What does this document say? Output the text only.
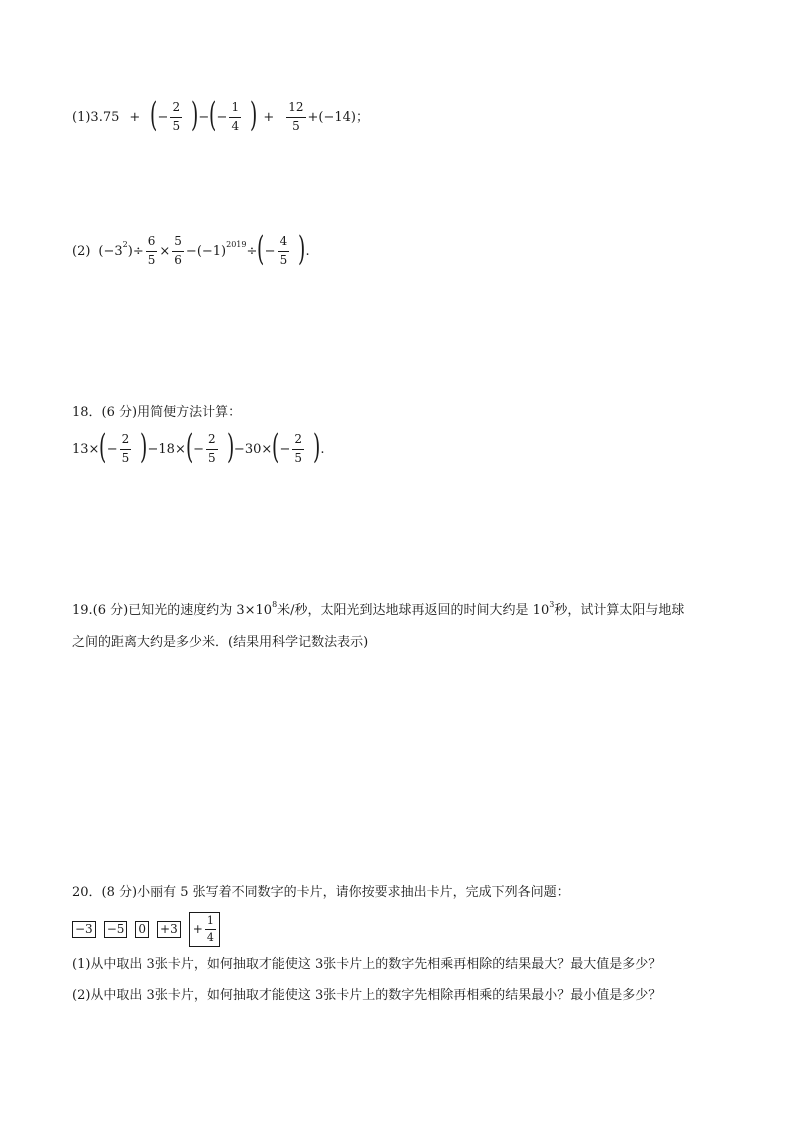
(1) 3.75 + ( − $\frac{2}{5}$ ) − ( − $\frac{1}{4}$ ) + $\frac{12}{5} +(-14)$；
(2) (−3 2 )÷ $\frac{6}{5} \times \frac{5}{6} -(-1) 2019$ ÷ ( − $\frac{4}{5}$ ) .
18．(6 分)用简便方法计算：
13× ( − $\frac{2}{5}$ ) −18× ( − $\frac{2}{5}$ ) −30× ( − $\frac{2}{5}$ ) .
19.(6 分)已知光的速度约为 3×10 8 米/秒，太阳光到达地球再返回的时间大约是 10 3 秒，试计算太阳与地球
之间的距离大约是多少米．(结果用科学记数法表示)
20．(8 分)小丽有 5 张写着不同数字的卡片，请你按要求抽出卡片，完成下列各问题：
−3 −5 $0 +3 + \frac{1}{4}$
(1)从中取出 3张卡片，如何抽取才能使这 3张卡片上的数字先相乘再相除的结果最大？最大值是多少？
(2)从中取出 3张卡片，如何抽取才能使这 3张卡片上的数字先相除再相乘的结果最小？最小值是多少？
